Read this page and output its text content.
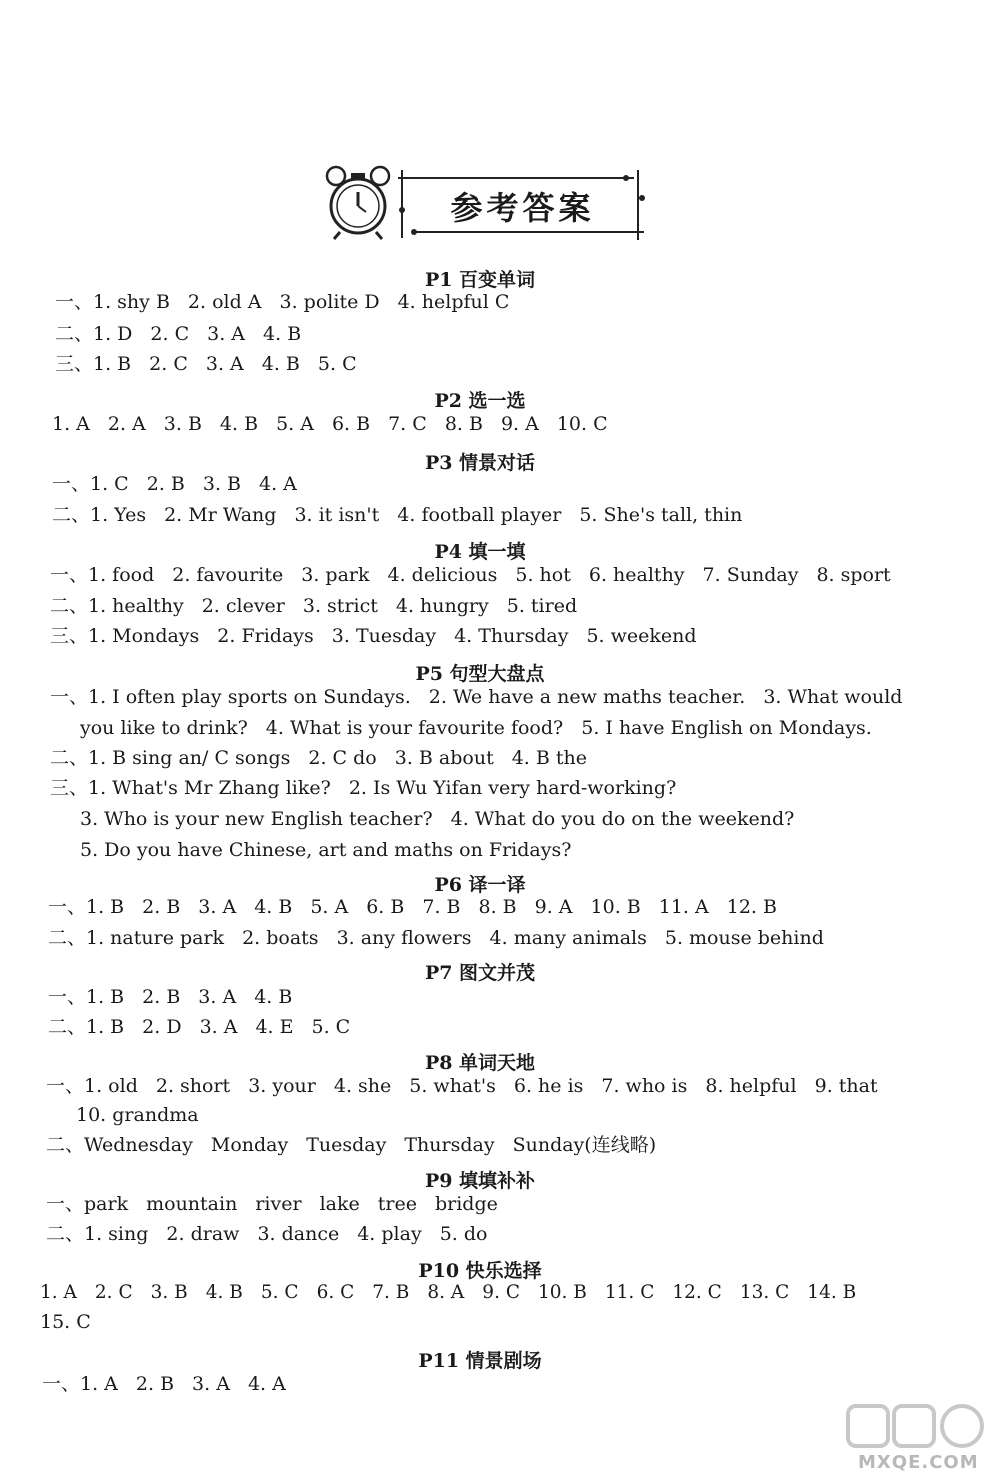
参考答案
P1 百变单词
一、1. shy B 2. old A 3. polite D 4. helpful C
二、1. D 2. C 3. A 4. B
三、1. B 2. C 3. A 4. B 5. C
P2 选一选
1. A 2. A 3. B 4. B 5. A 6. B 7. C 8. B 9. A 10. C
P3 情景对话
一、1. C 2. B 3. B 4. A
二、1. Yes 2. Mr Wang 3. it isn't 4. football player 5. She's tall, thin
P4 填一填
一、1. food 2. favourite 3. park 4. delicious 5. hot 6. healthy 7. Sunday 8. sport
二、1. healthy 2. clever 3. strict 4. hungry 5. tired
三、1. Mondays 2. Fridays 3. Tuesday 4. Thursday 5. weekend
P5 句型大盘点
一、1. I often play sports on Sundays. 2. We have a new maths teacher. 3. What would
you like to drink? 4. What is your favourite food? 5. I have English on Mondays.
二、1. B sing an/ C songs 2. C do 3. B about 4. B the
三、1. What's Mr Zhang like? 2. Is Wu Yifan very hard-working?
3. Who is your new English teacher? 4. What do you do on the weekend?
5. Do you have Chinese, art and maths on Fridays?
P6 译一译
一、1. B 2. B 3. A 4. B 5. A 6. B 7. B 8. B 9. A 10. B 11. A 12. B
二、1. nature park 2. boats 3. any flowers 4. many animals 5. mouse behind
P7 图文并茂
一、1. B 2. B 3. A 4. B
二、1. B 2. D 3. A 4. E 5. C
P8 单词天地
一、1. old 2. short 3. your 4. she 5. what's 6. he is 7. who is 8. helpful 9. that
10. grandma
二、Wednesday Monday Tuesday Thursday Sunday(连线略)
P9 填填补补
一、park mountain river lake tree bridge
二、1. sing 2. draw 3. dance 4. play 5. do
P10 快乐选择
1. A 2. C 3. B 4. B 5. C 6. C 7. B 8. A 9. C 10. B 11. C 12. C 13. C 14. B
15. C
P11 情景剧场
一、1. A 2. B 3. A 4. A
MXQE.COM
